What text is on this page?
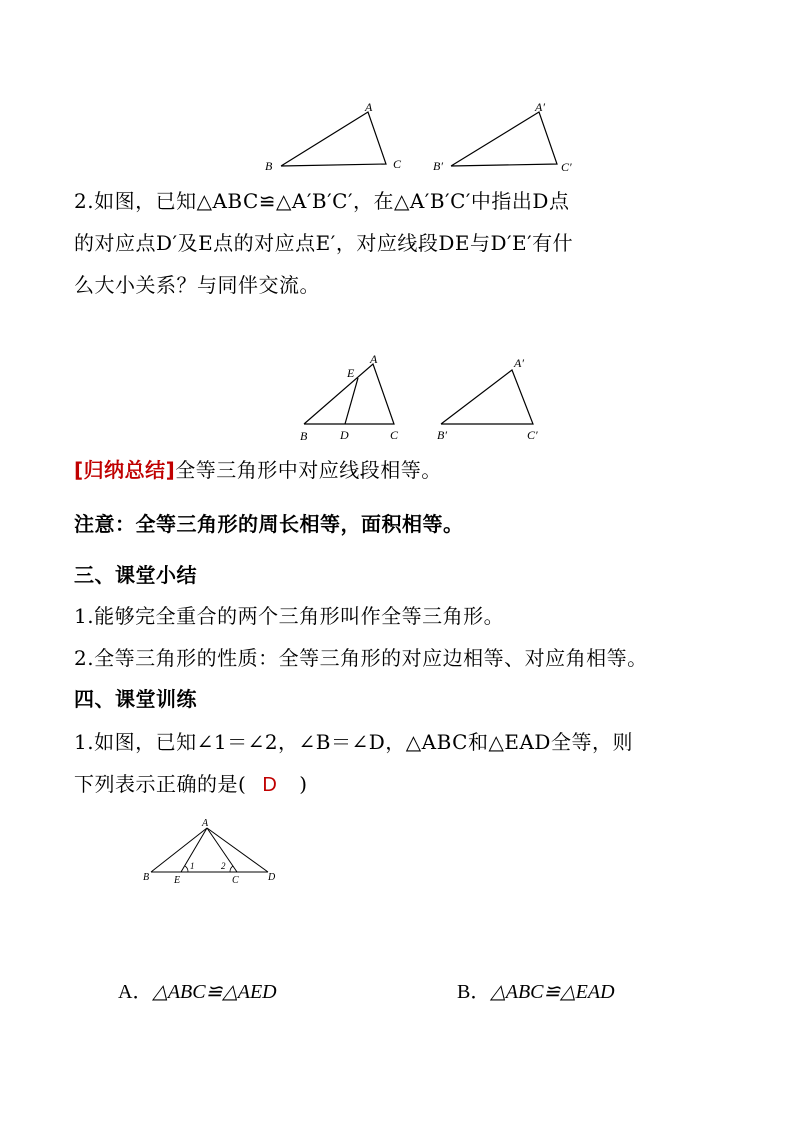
A
B	C
A′
B′	C′
2.如图，已知△ABC≌△A′B′C′，在△A′B′C′中指出D点
的对应点D′及E点的对应点E′，对应线段DE与D′E′有什
么大小关系？与同伴交流。
A
E
B	D	C
A′
B′	C′
[归纳总结]全等三角形中对应线段相等。
注意：全等三角形的周长相等，面积相等。
三、课堂小结
1.能够完全重合的两个三角形叫作全等三角形。
2.全等三角形的性质：全等三角形的对应边相等、对应角相等。
四、课堂训练
1.如图，已知∠1＝∠2，∠B＝∠D，△ABC和△EAD全等，则
下列表示正确的是( D )
A
B E	C	D
1	2
A．△ABC≌△AED	B．△ABC≌△EAD
